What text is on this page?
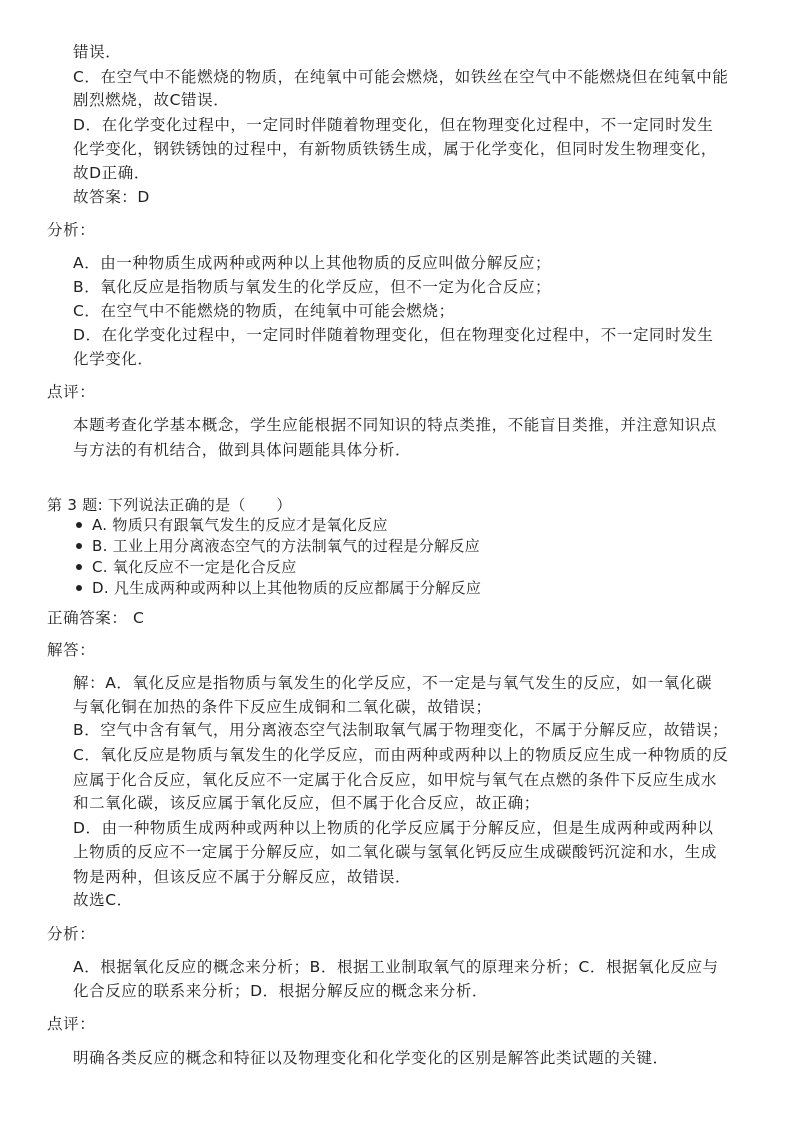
错误．
C．在空气中不能燃烧的物质，在纯氧中可能会燃烧，如铁丝在空气中不能燃烧但在纯氧中能
剧烈燃烧，故C错误．
D．在化学变化过程中，一定同时伴随着物理变化，但在物理变化过程中，不一定同时发生
化学变化，钢铁锈蚀的过程中，有新物质铁锈生成，属于化学变化，但同时发生物理变化，
故D正确．
故答案：D
分析：
A．由一种物质生成两种或两种以上其他物质的反应叫做分解反应；
B．氧化反应是指物质与氧发生的化学反应，但不一定为化合反应；
C．在空气中不能燃烧的物质，在纯氧中可能会燃烧；
D．在化学变化过程中，一定同时伴随着物理变化，但在物理变化过程中，不一定同时发生
化学变化．
点评：
本题考查化学基本概念，学生应能根据不同知识的特点类推，不能盲目类推，并注意知识点
与方法的有机结合，做到具体问题能具体分析．
第 3 题: 下列说法正确的是（　　）
A. 物质只有跟氧气发生的反应才是氧化反应
B. 工业上用分离液态空气的方法制氧气的过程是分解反应
C. 氧化反应不一定是化合反应
D. 凡生成两种或两种以上其他物质的反应都属于分解反应
正确答案： C
解答：
解：A．氧化反应是指物质与氧发生的化学反应，不一定是与氧气发生的反应，如一氧化碳
与氧化铜在加热的条件下反应生成铜和二氧化碳，故错误；
B．空气中含有氧气，用分离液态空气法制取氧气属于物理变化，不属于分解反应，故错误；
C．氧化反应是物质与氧发生的化学反应，而由两种或两种以上的物质反应生成一种物质的反
应属于化合反应，氧化反应不一定属于化合反应，如甲烷与氧气在点燃的条件下反应生成水
和二氧化碳，该反应属于氧化反应，但不属于化合反应，故正确；
D．由一种物质生成两种或两种以上物质的化学反应属于分解反应，但是生成两种或两种以
上物质的反应不一定属于分解反应，如二氧化碳与氢氧化钙反应生成碳酸钙沉淀和水，生成
物是两种，但该反应不属于分解反应，故错误．
故选C．
分析：
A．根据氧化反应的概念来分析；B．根据工业制取氧气的原理来分析；C．根据氧化反应与
化合反应的联系来分析；D．根据分解反应的概念来分析．
点评：
明确各类反应的概念和特征以及物理变化和化学变化的区别是解答此类试题的关键．
